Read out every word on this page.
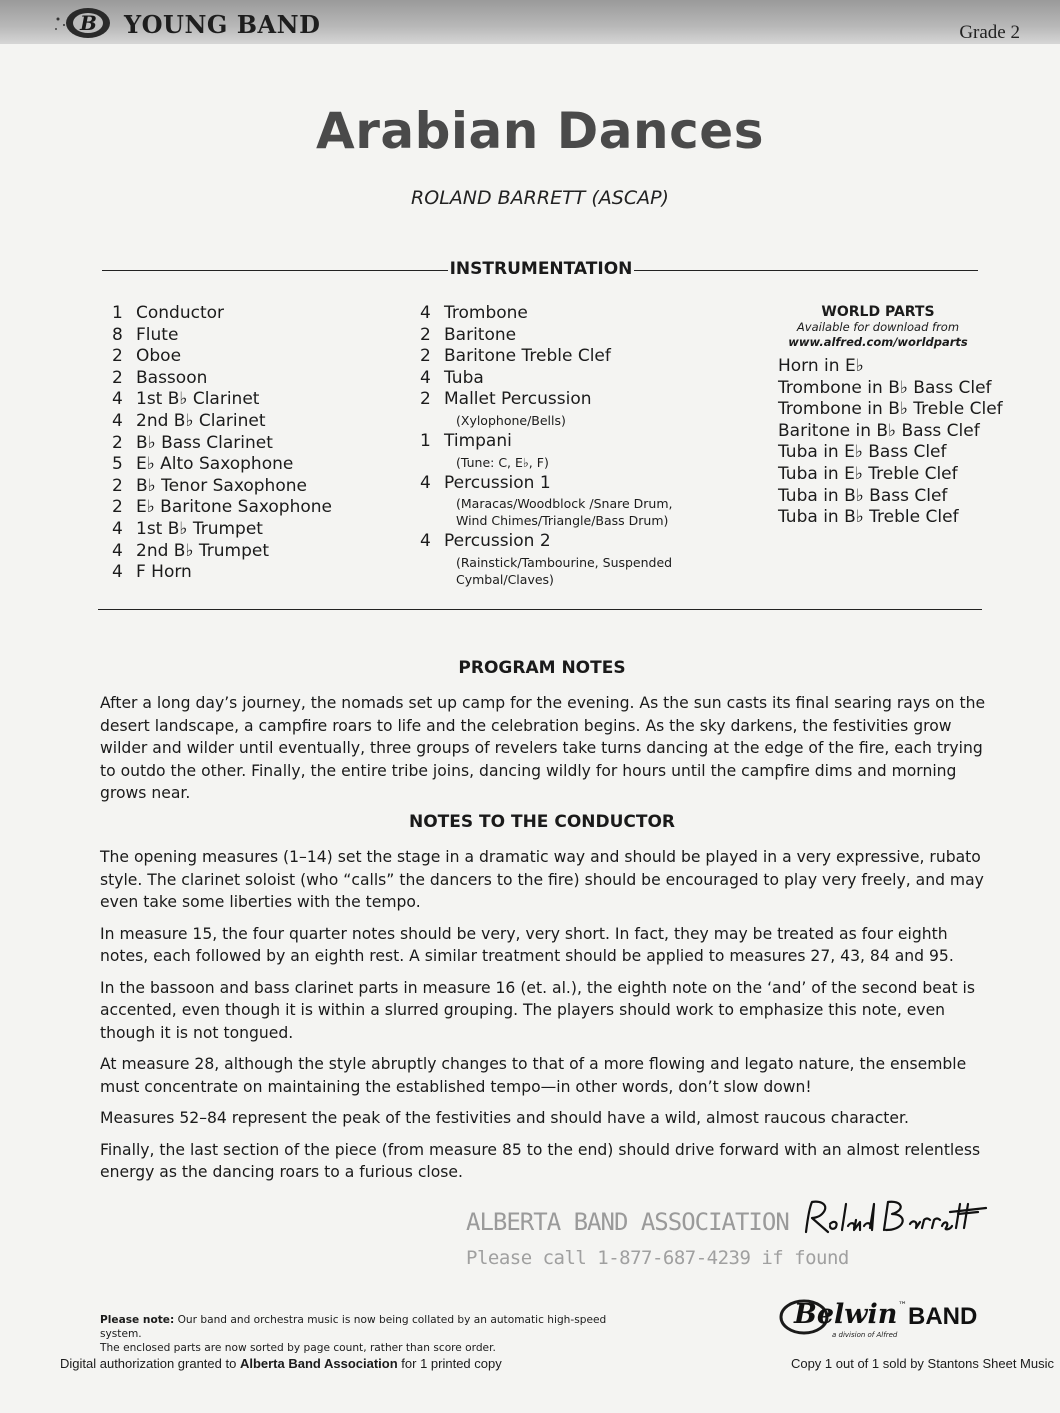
B YOUNG BAND	Grade 2
Arabian Dances
ROLAND BARRETT (ASCAP)
INSTRUMENTATION
1 Conductor
8 Flute
2 Oboe
2 Bassoon
4 1st B♭ Clarinet
4 2nd B♭ Clarinet
2 B♭ Bass Clarinet
5 E♭ Alto Saxophone
2 B♭ Tenor Saxophone
2 E♭ Baritone Saxophone
4 1st B♭ Trumpet
4 2nd B♭ Trumpet
4 F Horn
4 Trombone
2 Baritone
2 Baritone Treble Clef
4 Tuba
2 Mallet Percussion
(Xylophone/Bells)
1 Timpani
(Tune: C, E♭, F)
4 Percussion 1
(Maracas/Woodblock /Snare Drum,
Wind Chimes/Triangle/Bass Drum)
4 Percussion 2
(Rainstick/Tambourine, Suspended
Cymbal/Claves)
WORLD PARTS
Available for download from
www.alfred.com/worldparts
Horn in E♭
Trombone in B♭ Bass Clef
Trombone in B♭ Treble Clef
Baritone in B♭ Bass Clef
Tuba in E♭ Bass Clef
Tuba in E♭ Treble Clef
Tuba in B♭ Bass Clef
Tuba in B♭ Treble Clef
PROGRAM NOTES

After a long day’s journey, the nomads set up camp for the evening. As the sun casts its final searing rays on the desert landscape, a campfire roars to life and the celebration begins. As the sky darkens, the festivities grow wilder and wilder until eventually, three groups of revelers take turns dancing at the edge of the fire, each trying to outdo the other. Finally, the entire tribe joins, dancing wildly for hours until the campfire dims and morning grows near.

NOTES TO THE CONDUCTOR

The opening measures (1–14) set the stage in a dramatic way and should be played in a very expressive, rubato style. The clarinet soloist (who “calls” the dancers to the fire) should be encouraged to play very freely, and may even take some liberties with the tempo.

In measure 15, the four quarter notes should be very, very short. In fact, they may be treated as four eighth notes, each followed by an eighth rest. A similar treatment should be applied to measures 27, 43, 84 and 95.

In the bassoon and bass clarinet parts in measure 16 (et. al.), the eighth note on the ‘and’ of the second beat is accented, even though it is within a slurred grouping. The players should work to emphasize this note, even though it is not tongued.

At measure 28, although the style abruptly changes to that of a more flowing and legato nature, the ensemble must concentrate on maintaining the established tempo—in other words, don’t slow down!

Measures 52–84 represent the peak of the festivities and should have a wild, almost raucous character.

Finally, the last section of the piece (from measure 85 to the end) should drive forward with an almost relentless energy as the dancing roars to a furious close.

ALBERTA BAND ASSOCIATION
Please call 1-877-687-4239 if found
Please note: Our band and orchestra music is now being collated by an automatic high-speed system.
The enclosed parts are now sorted by page count, rather than score order.
Belwin ™ BAND
a division of Alfred
Digital authorization granted to Alberta Band Association for 1 printed copy	Copy 1 out of 1 sold by Stantons Sheet Music
